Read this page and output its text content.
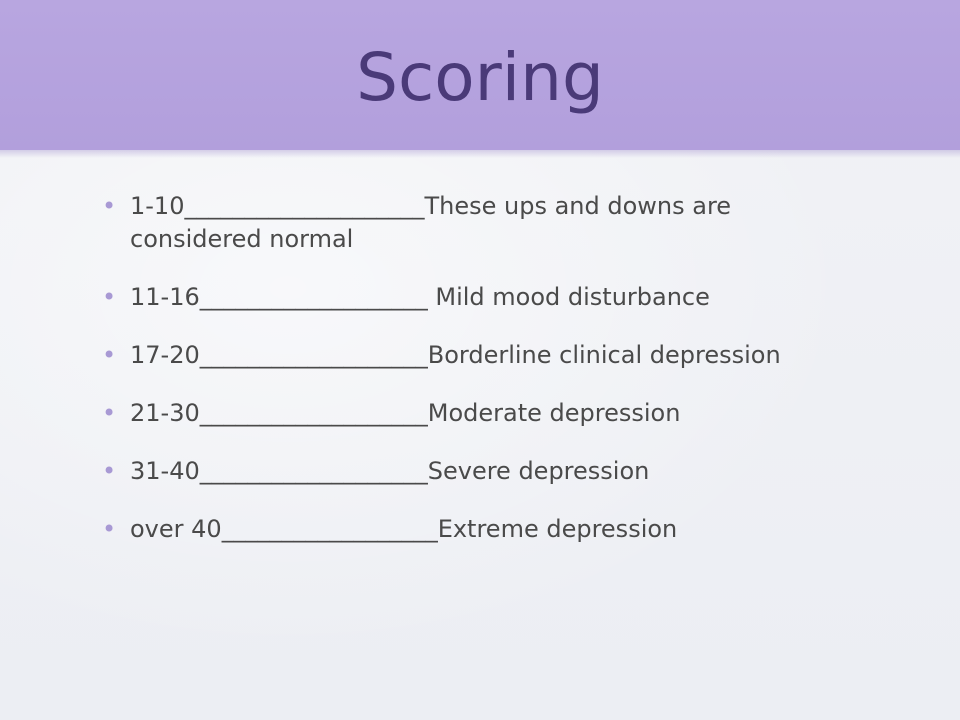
Scoring
• 1-10____________________These ups and downs are considered normal
• 11-16___________________ Mild mood disturbance
• 17-20___________________Borderline clinical depression
• 21-30___________________Moderate depression
• 31-40___________________Severe depression
• over 40__________________Extreme depression
